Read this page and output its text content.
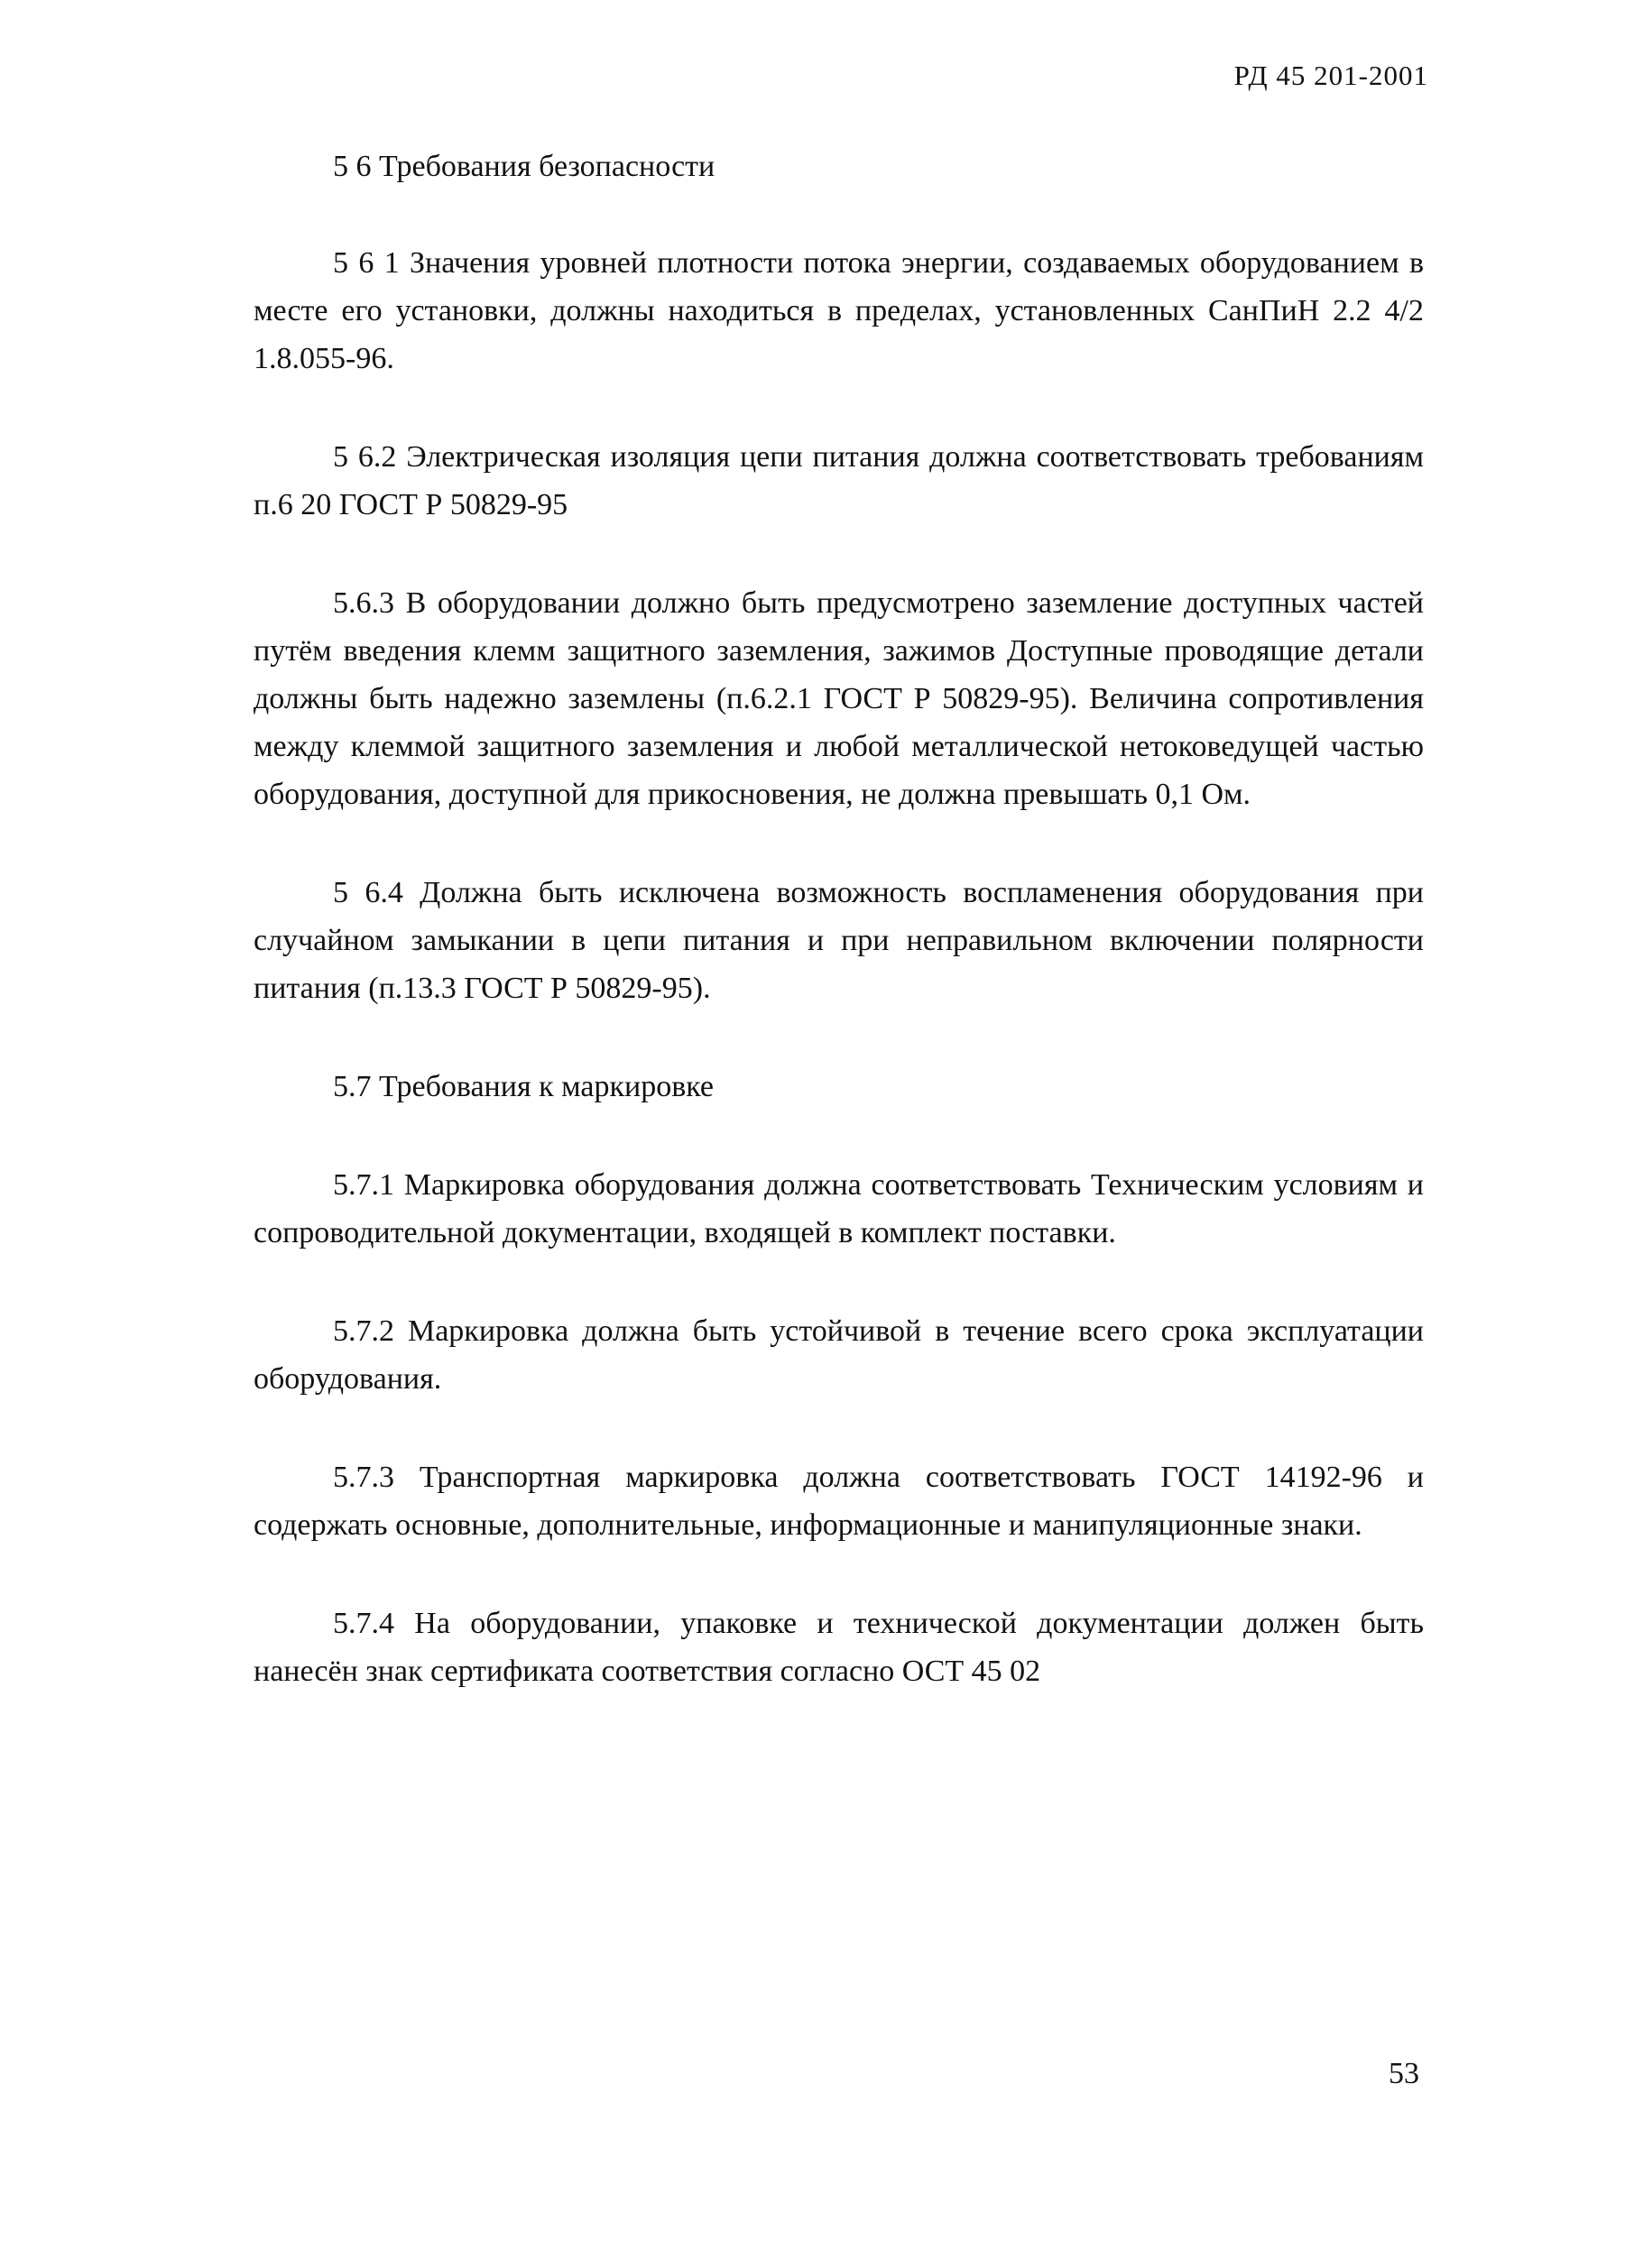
РД 45 201-2001

5 6 Требования безопасности

5 6 1 Значения уровней плотности потока энергии, создаваемых оборудованием в месте его установки, должны находиться в пределах, установленных СанПиН 2.2 4/2 1.8.055-96.

5 6.2 Электрическая изоляция цепи питания должна соответствовать требованиям п.6 20 ГОСТ Р 50829-95

5.6.3 В оборудовании должно быть предусмотрено заземление доступных частей путём введения клемм защитного заземления, зажимов Доступные проводящие детали должны быть надежно заземлены (п.6.2.1 ГОСТ Р 50829-95). Величина сопротивления между клеммой защитного заземления и любой металлической нетоковедущей частью оборудования, доступной для прикосновения, не должна превышать 0,1 Ом.

5 6.4 Должна быть исключена возможность воспламенения оборудования при случайном замыкании в цепи питания и при неправильном включении полярности питания (п.13.3 ГОСТ Р 50829-95).

5.7 Требования к маркировке

5.7.1 Маркировка оборудования должна соответствовать Техническим условиям и сопроводительной документации, входящей в комплект поставки.

5.7.2 Маркировка должна быть устойчивой в течение всего срока эксплуатации оборудования.

5.7.3 Транспортная маркировка должна соответствовать ГОСТ 14192-96 и содержать основные, дополнительные, информационные и манипуляционные знаки.

5.7.4 На оборудовании, упаковке и технической документации должен быть нанесён знак сертификата соответствия согласно ОСТ 45 02

53
